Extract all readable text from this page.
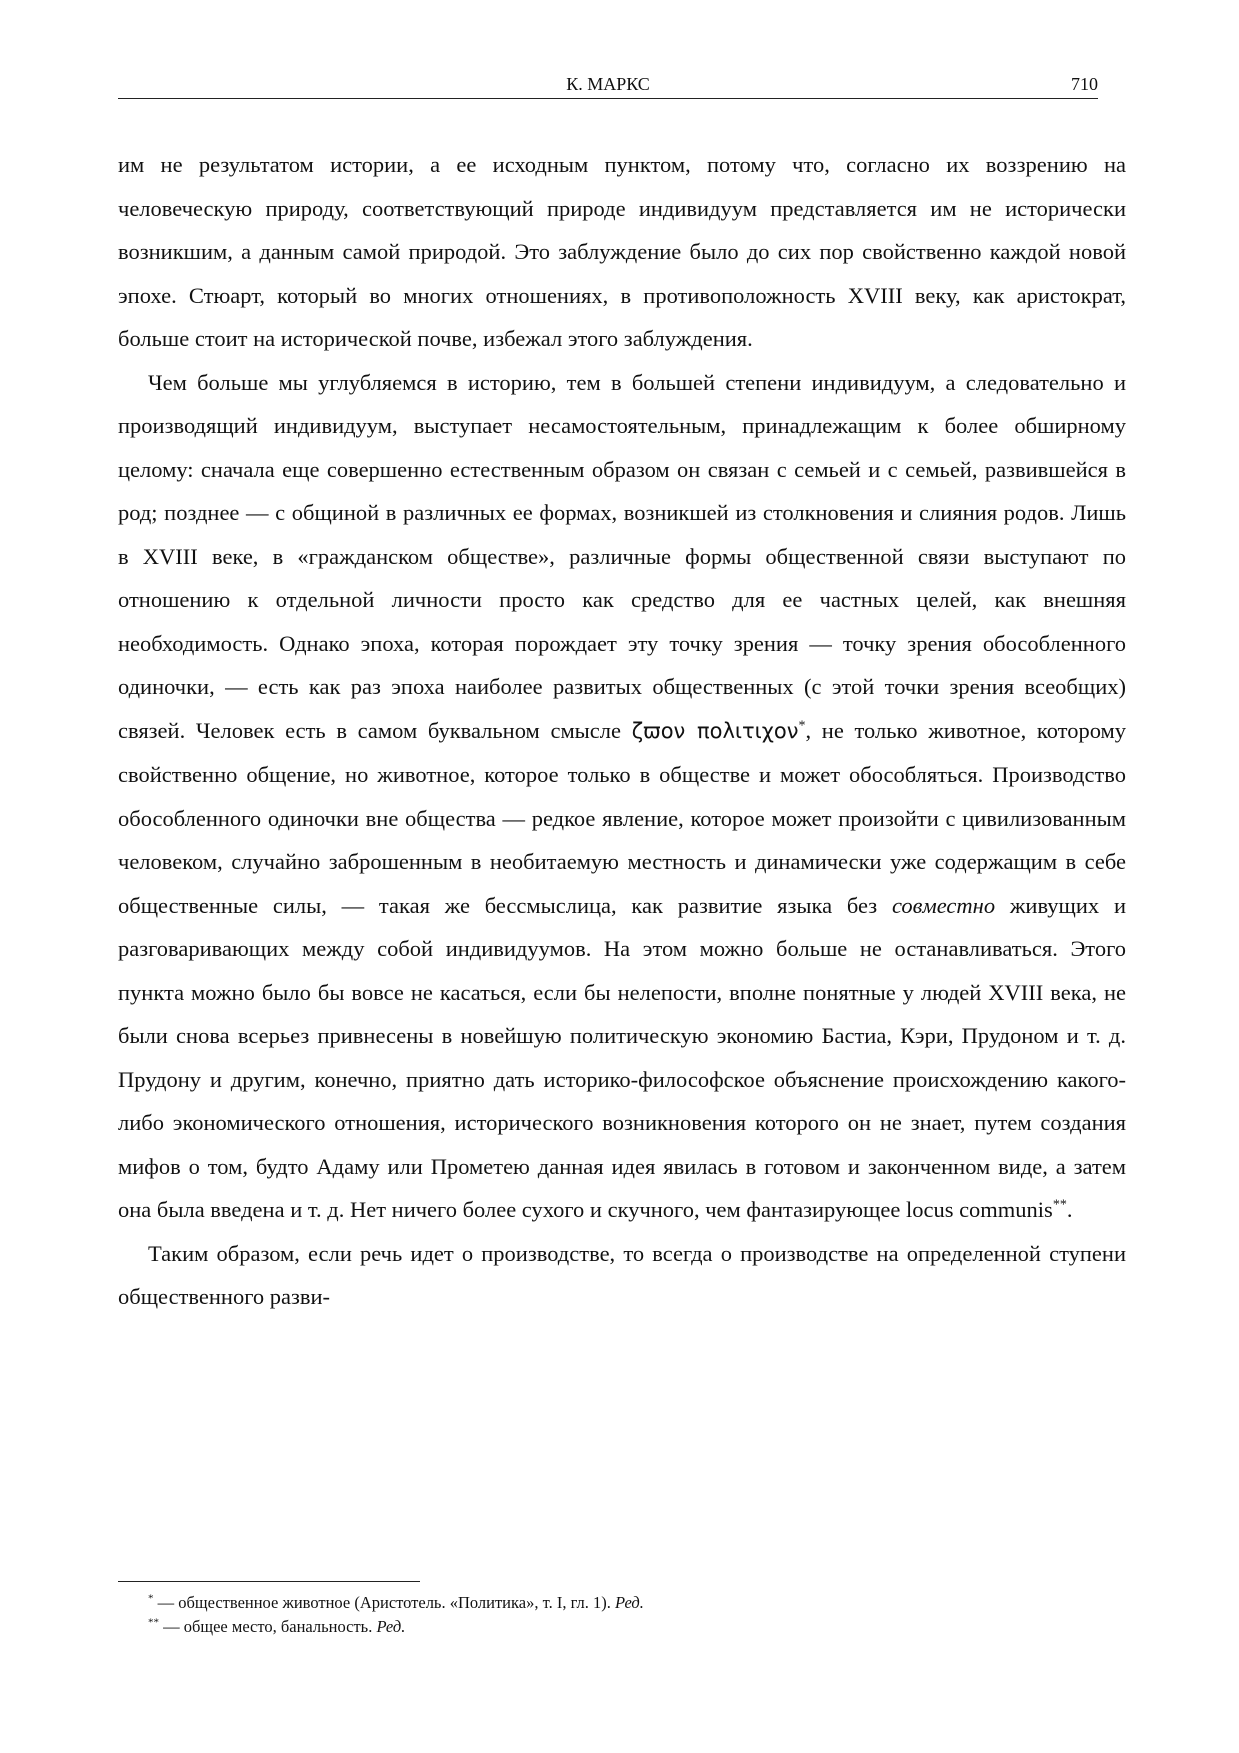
К. МАРКС	710

им не результатом истории, а ее исходным пунктом, потому что, согласно их воззрению на человеческую природу, соответствующий природе индивидуум представляется им не исторически возникшим, а данным самой природой. Это заблуждение было до сих пор свойственно каждой новой эпохе. Стюарт, который во многих отношениях, в противоположность XVIII веку, как аристократ, больше стоит на исторической почве, избежал этого заблуждения.

Чем больше мы углубляемся в историю, тем в большей степени индивидуум, а следовательно и производящий индивидуум, выступает несамостоятельным, принадлежащим к более обширному целому: сначала еще совершенно естественным образом он связан с семьей и с семьей, развившейся в род; позднее — с общиной в различных ее формах, возникшей из столкновения и слияния родов. Лишь в XVIII веке, в «гражданском обществе», различные формы общественной связи выступают по отношению к отдельной личности просто как средство для ее частных целей, как внешняя необходимость. Однако эпоха, которая порождает эту точку зрения — точку зрения обособленного одиночки, — есть как раз эпоха наиболее развитых общественных (с этой точки зрения всеобщих) связей. Человек есть в самом буквальном смысле ζϖον πολιτιχον*, не только животное, которому свойственно общение, но животное, которое только в обществе и может обособляться. Производство обособленного одиночки вне общества — редкое явление, которое может произойти с цивилизованным человеком, случайно заброшенным в необитаемую местность и динамически уже содержащим в себе общественные силы, — такая же бессмыслица, как развитие языка без совместно живущих и разговаривающих между собой индивидуумов. На этом можно больше не останавливаться. Этого пункта можно было бы вовсе не касаться, если бы нелепости, вполне понятные у людей XVIII века, не были снова всерьез привнесены в новейшую политическую экономию Бастиа, Кэри, Прудоном и т. д. Прудону и другим, конечно, приятно дать историко-философское объяснение происхождению какого-либо экономического отношения, исторического возникновения которого он не знает, путем создания мифов о том, будто Адаму или Прометею данная идея явилась в готовом и законченном виде, а затем она была введена и т. д. Нет ничего более сухого и скучного, чем фантазирующее locus communis**.

Таким образом, если речь идет о производстве, то всегда о производстве на определенной ступени общественного разви-

* — общественное животное (Аристотель. «Политика», т. I, гл. 1). Ред.
** — общее место, банальность. Ред.
